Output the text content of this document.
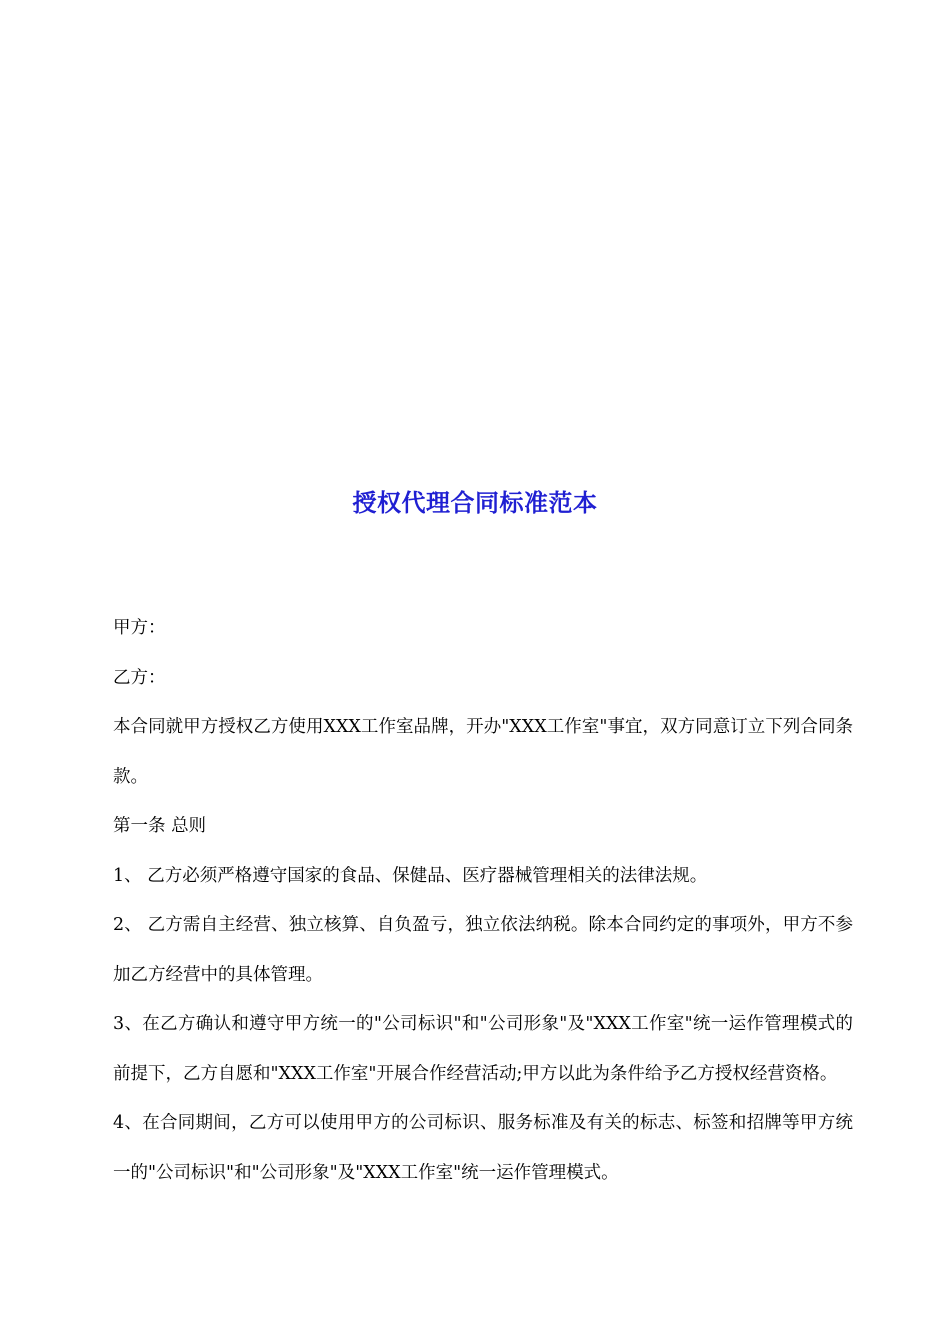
授权代理合同标准范本

甲方：

乙方：

本合同就甲方授权乙方使用XXX工作室品牌，开办"XXX工作室"事宜，双方同意订立下列合同条款。

第一条 总则

1、 乙方必须严格遵守国家的食品、保健品、医疗器械管理相关的法律法规。

2、 乙方需自主经营、独立核算、自负盈亏，独立依法纳税。除本合同约定的事项外，甲方不参加乙方经营中的具体管理。

3、在乙方确认和遵守甲方统一的"公司标识"和"公司形象"及"XXX工作室"统一运作管理模式的前提下，乙方自愿和"XXX工作室"开展合作经营活动;甲方以此为条件给予乙方授权经营资格。

4、在合同期间，乙方可以使用甲方的公司标识、服务标准及有关的标志、标签和招牌等甲方统一的"公司标识"和"公司形象"及"XXX工作室"统一运作管理模式。
